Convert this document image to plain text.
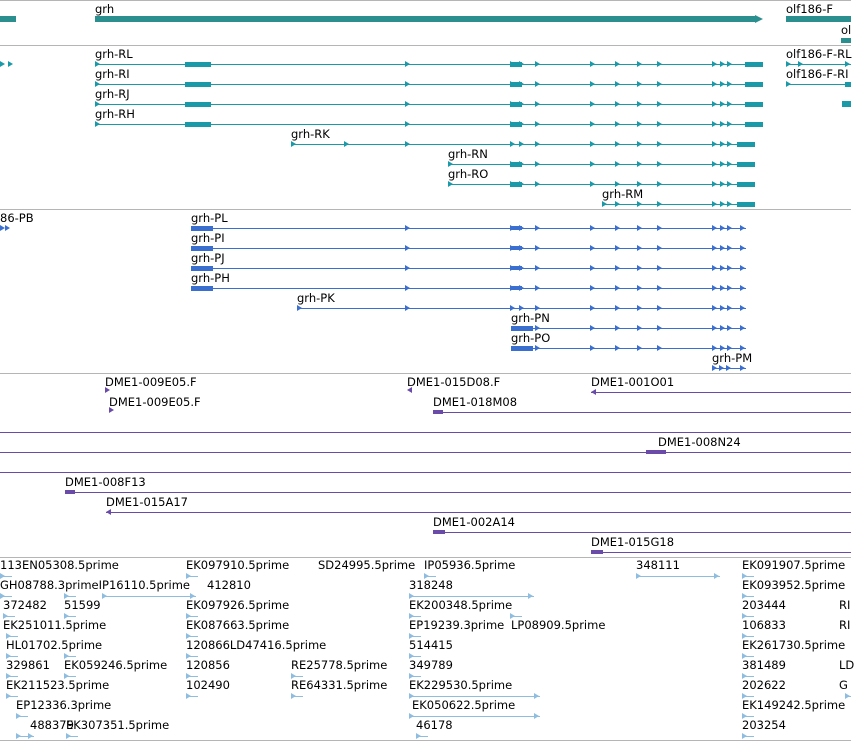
grh	olf186-F
ol
grh-RL
grh-RI
grh-RJ
grh-RH
grh-RK
grh-RN
grh-RO
grh-RM
olf186-F-RL
olf186-F-RI
86-PB	grh-PL
grh-PI
grh-PJ
grh-PH
grh-PK
grh-PN
grh-PO
grh-PM
DME1-009E05.F
DME1-009E05.F
DME1-015D08.F
DME1-018M08
DME1-001O01
DME1-008N24
DME1-008F13
DME1-015A17
DME1-002A14
DME1-015G18
113EN05308.5prime	EK097910.5prime	SD24995.5prime IP05936.5prime	348111	EK091907.5prime
GH08788.3primeIP16110.5prime 412810	318248	EK093952.5prime
372482 51599	EK097926.5prime	EK200348.5prime	203444	RI
EK251011.5prime	EK087663.5prime	EP19239.3prime LP08909.5prime	106833	RI
HL01702.5prime	120866LD47416.5prime	514415	EK261730.5prime
329861 EK059246.5prime 120856	RE25778.5prime 349789	381489	LD
EK211523.5prime	102490	RE64331.5prime EK229530.5prime	202622	G
EP12336.3prime	EK050622.5prime	EK149242.5prime
488379
EK307351.5prime	46178	203254
